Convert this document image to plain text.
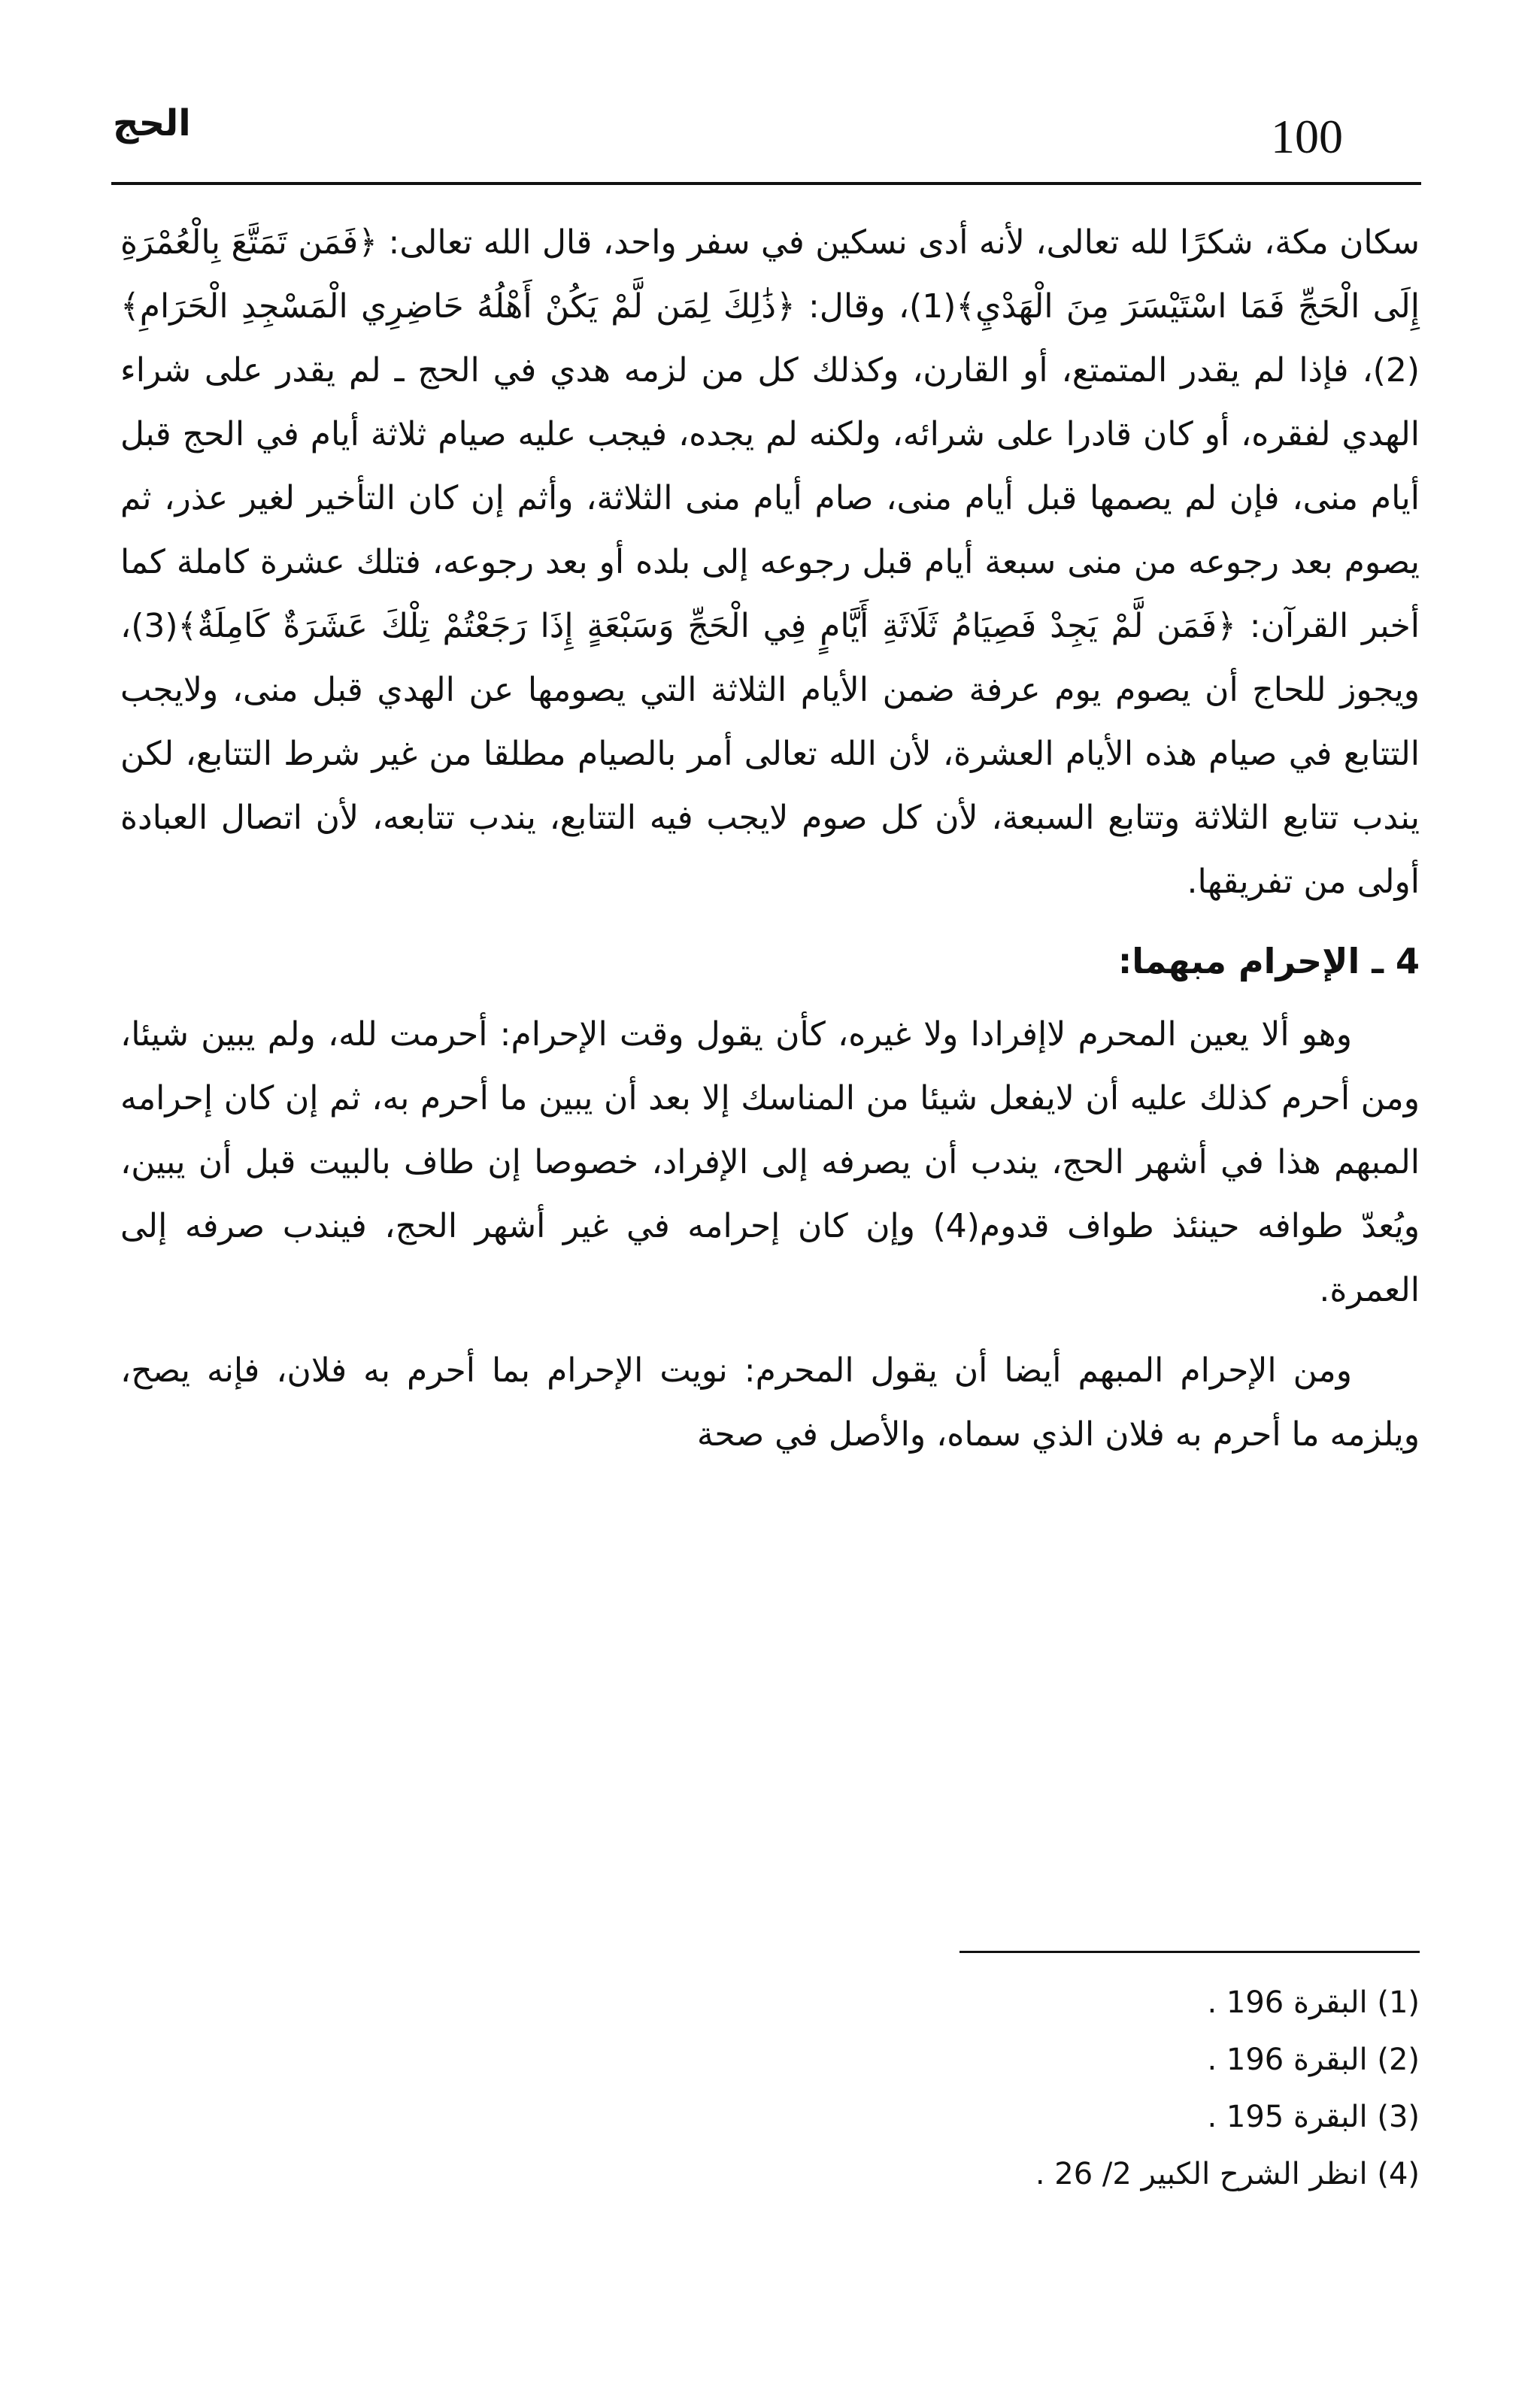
100
الحج

سكان مكة، شكرًا لله تعالى، لأنه أدى نسكين في سفر واحد، قال الله تعالى: ﴿فَمَن تَمَتَّعَ بِالْعُمْرَةِ إِلَى الْحَجِّ فَمَا اسْتَيْسَرَ مِنَ الْهَدْيِ﴾(1)، وقال: ﴿ذَٰلِكَ لِمَن لَّمْ يَكُنْ أَهْلُهُ حَاضِرِي الْمَسْجِدِ الْحَرَامِ﴾(2)، فإذا لم يقدر المتمتع، أو القارن، وكذلك كل من لزمه هدي في الحج ـ لم يقدر على شراء الهدي لفقره، أو كان قادرا على شرائه، ولكنه لم يجده، فيجب عليه صيام ثلاثة أيام في الحج قبل أيام منى، فإن لم يصمها قبل أيام منى، صام أيام منى الثلاثة، وأثم إن كان التأخير لغير عذر، ثم يصوم بعد رجوعه من منى سبعة أيام قبل رجوعه إلى بلده أو بعد رجوعه، فتلك عشرة كاملة كما أخبر القرآن: ﴿فَمَن لَّمْ يَجِدْ فَصِيَامُ ثَلَاثَةِ أَيَّامٍ فِي الْحَجِّ وَسَبْعَةٍ إِذَا رَجَعْتُمْ تِلْكَ عَشَرَةٌ كَامِلَةٌ﴾(3)، ويجوز للحاج أن يصوم يوم عرفة ضمن الأيام الثلاثة التي يصومها عن الهدي قبل منى، ولايجب التتابع في صيام هذه الأيام العشرة، لأن الله تعالى أمر بالصيام مطلقا من غير شرط التتابع، لكن يندب تتابع الثلاثة وتتابع السبعة، لأن كل صوم لايجب فيه التتابع، يندب تتابعه، لأن اتصال العبادة أولى من تفريقها.

4 ـ الإحرام مبهما:

وهو ألا يعين المحرم لاإفرادا ولا غيره، كأن يقول وقت الإحرام: أحرمت لله، ولم يبين شيئا، ومن أحرم كذلك عليه أن لايفعل شيئا من المناسك إلا بعد أن يبين ما أحرم به، ثم إن كان إحرامه المبهم هذا في أشهر الحج، يندب أن يصرفه إلى الإفراد، خصوصا إن طاف بالبيت قبل أن يبين، ويُعدّ طوافه حينئذ طواف قدوم(4) وإن كان إحرامه في غير أشهر الحج، فيندب صرفه إلى العمرة.

ومن الإحرام المبهم أيضا أن يقول المحرم: نويت الإحرام بما أحرم به فلان، فإنه يصح، ويلزمه ما أحرم به فلان الذي سماه، والأصل في صحة

(1) البقرة 196 .
(2) البقرة 196 .
(3) البقرة 195 .
(4) انظر الشرح الكبير 2/ 26 .
